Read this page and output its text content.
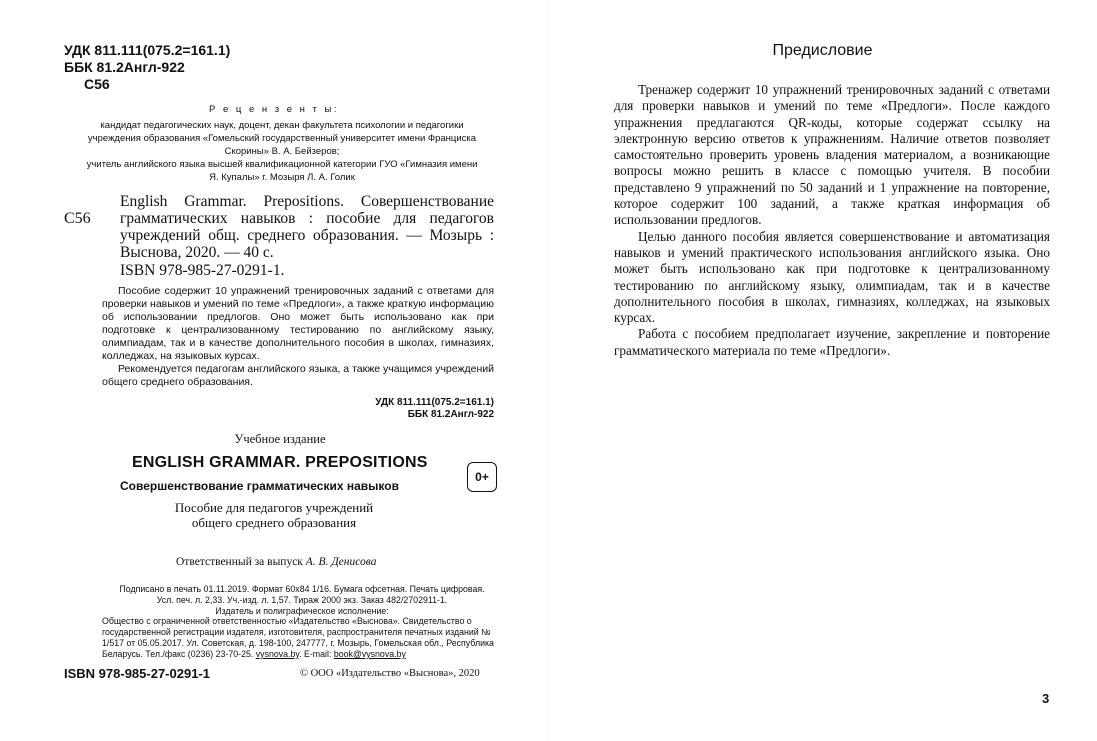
УДК 811.111(075.2=161.1)
ББК 81.2Англ-922
С56
Р е ц е н з е н т ы:
кандидат педагогических наук, доцент, декан факультета психологии и педагогики учреждения образования «Гомельский государственный университет имени Франциска Скорины» В. А. Бейзеров;
учитель английского языка высшей квалификационной категории ГУО «Гимназия имени Я. Купалы» г. Мозыря Л. А. Голик
С56
English Grammar. Prepositions. Совершенствование грамматических навыков : пособие для педагогов учреждений общ. среднего образования. — Мозырь : Выснова, 2020. — 40 с.
ISBN 978-985-27-0291-1.

Пособие содержит 10 упражнений тренировочных заданий с ответами для проверки навыков и умений по теме «Предлоги», а также краткую информацию об использовании предлогов. Оно может быть использовано как при подготовке к централизованному тестированию по английскому языку, олимпиадам, так и в качестве дополнительного пособия в школах, гимназиях, колледжах, на языковых курсах.

Рекомендуется педагогам английского языка, а также учащимся учреждений общего среднего образования.

УДК 811.111(075.2=161.1)
ББК 81.2Англ-922
Учебное издание
ENGLISH GRAMMAR. PREPOSITIONS
0+
Совершенствование грамматических навыков
Пособие для педагогов учреждений
общего среднего образования
Ответственный за выпуск А. В. Денисова
Подписано в печать 01.11.2019. Формат 60x84 1/16. Бумага офсетная. Печать цифровая.
Усл. печ. л. 2,33. Уч.-изд. л. 1,57. Тираж 2000 экз. Заказ 482/2702911-1.
Издатель и полиграфическое исполнение:
Общество с ограниченной ответственностью «Издательство «Выснова». Свидетельство о государственной регистрации издателя, изготовителя, распространителя печатных изданий № 1/517 от 05.05.2017. Ул. Советская, д. 198-100, 247777, г. Мозырь, Гомельская обл., Республика Беларусь. Тел./факс (0236) 23-70-25. vysnova.by. E-mail: book@vysnova.by
ISBN 978-985-27-0291-1	© ООО «Издательство «Выснова», 2020
Предисловие

Тренажер содержит 10 упражнений тренировочных заданий с ответами для проверки навыков и умений по теме «Предлоги». После каждого упражнения предлагаются QR-коды, которые содержат ссылку на электронную версию ответов к упражнениям. Наличие ответов позволяет самостоятельно проверить уровень владения материалом, а возникающие вопросы можно решить в классе с помощью учителя. В пособии представлено 9 упражнений по 50 заданий и 1 упражнение на повторение, которое содержит 100 заданий, а также краткая информация об использовании предлогов.

Целью данного пособия является совершенствование и автоматизация навыков и умений практического использования английского языка. Оно может быть использовано как при подготовке к централизованному тестированию по английскому языку, олимпиадам, так и в качестве дополнительного пособия в школах, гимназиях, колледжах, на языковых курсах.

Работа с пособием предполагает изучение, закрепление и повторение грамматического материала по теме «Предлоги».

3
